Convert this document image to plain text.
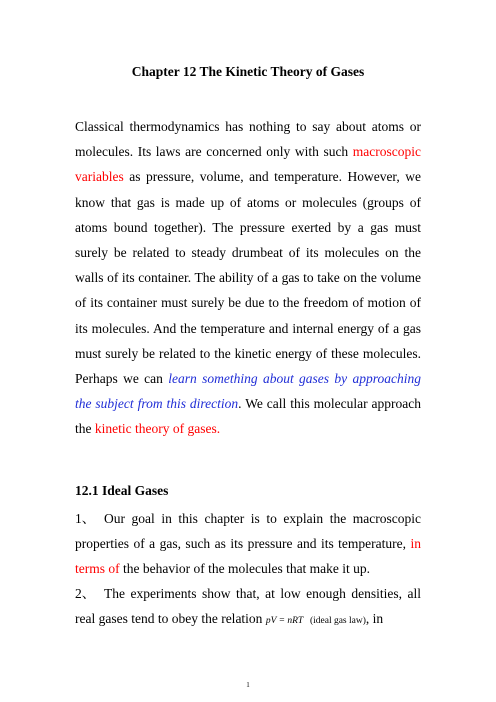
Chapter 12 The Kinetic Theory of Gases
Classical thermodynamics has nothing to say about atoms or molecules. Its laws are concerned only with such macroscopic variables as pressure, volume, and temperature. However, we know that gas is made up of atoms or molecules (groups of atoms bound together). The pressure exerted by a gas must surely be related to steady drumbeat of its molecules on the walls of its container. The ability of a gas to take on the volume of its container must surely be due to the freedom of motion of its molecules. And the temperature and internal energy of a gas must surely be related to the kinetic energy of these molecules. Perhaps we can learn something about gases by approaching the subject from this direction. We call this molecular approach the kinetic theory of gases.
12.1 Ideal Gases
1、 Our goal in this chapter is to explain the macroscopic properties of a gas, such as its pressure and its temperature, in terms of the behavior of the molecules that make it up.
2、 The experiments show that, at low enough densities, all real gases tend to obey the relation pV = nRT (ideal gas law), in
1
